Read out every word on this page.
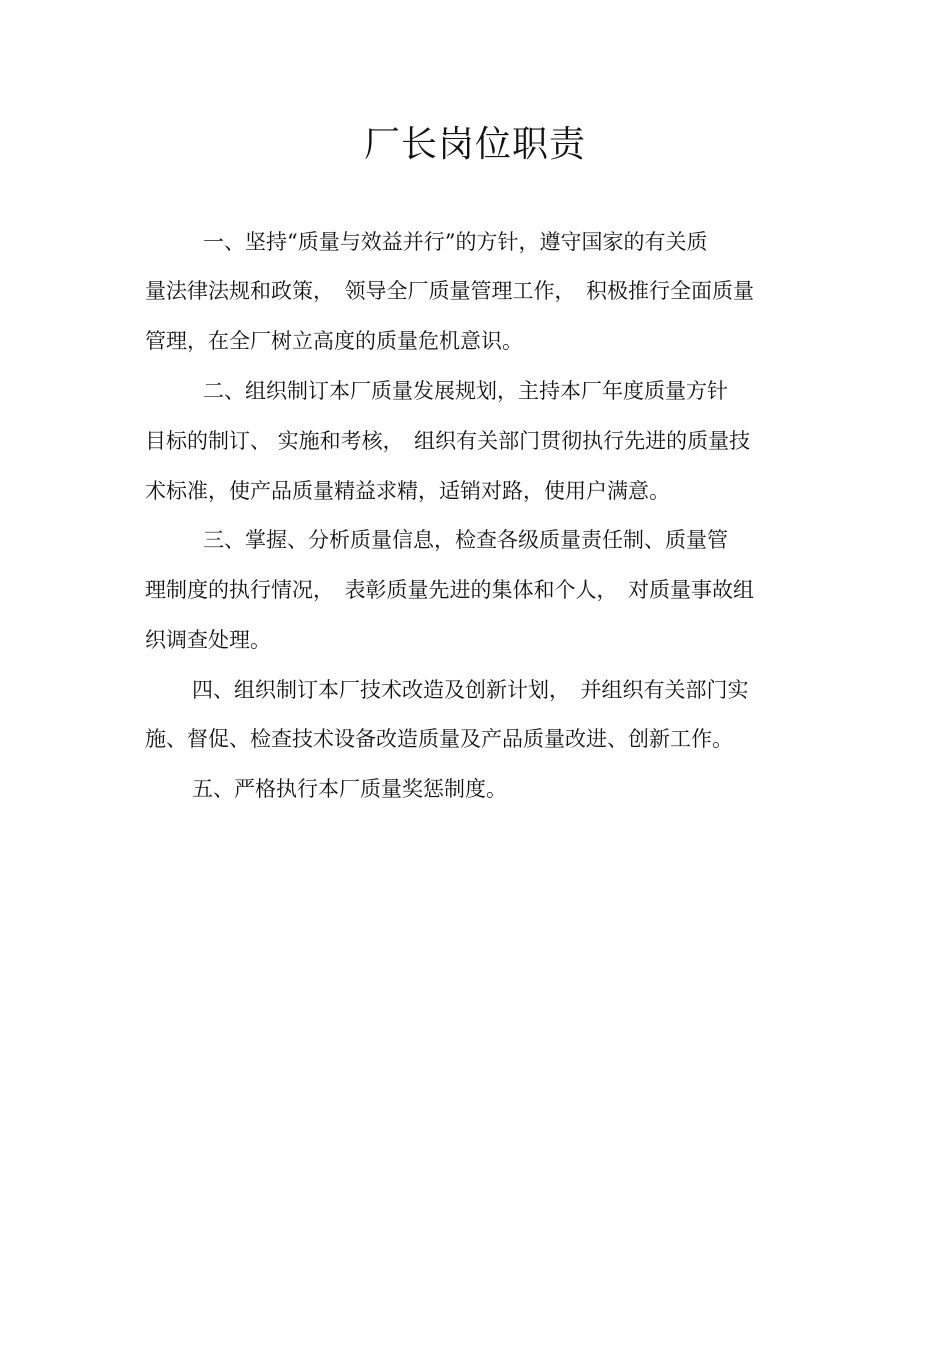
厂长岗位职责

一、坚持“质量与效益并行”的方针，遵守国家的有关质

量法律法规和政策，　领导全厂质量管理工作，　积极推行全面质量

管理，在全厂树立高度的质量危机意识。

二、组织制订本厂质量发展规划，主持本厂年度质量方针

目标的制订、 实施和考核，　组织有关部门贯彻执行先进的质量技

术标准，使产品质量精益求精，适销对路，使用户满意。

三、掌握、分析质量信息，检查各级质量责任制、质量管

理制度的执行情况，　表彰质量先进的集体和个人，　对质量事故组

织调查处理。

四、组织制订本厂技术改造及创新计划，　并组织有关部门实

施、督促、检查技术设备改造质量及产品质量改进、创新工作。

五、严格执行本厂质量奖惩制度。
